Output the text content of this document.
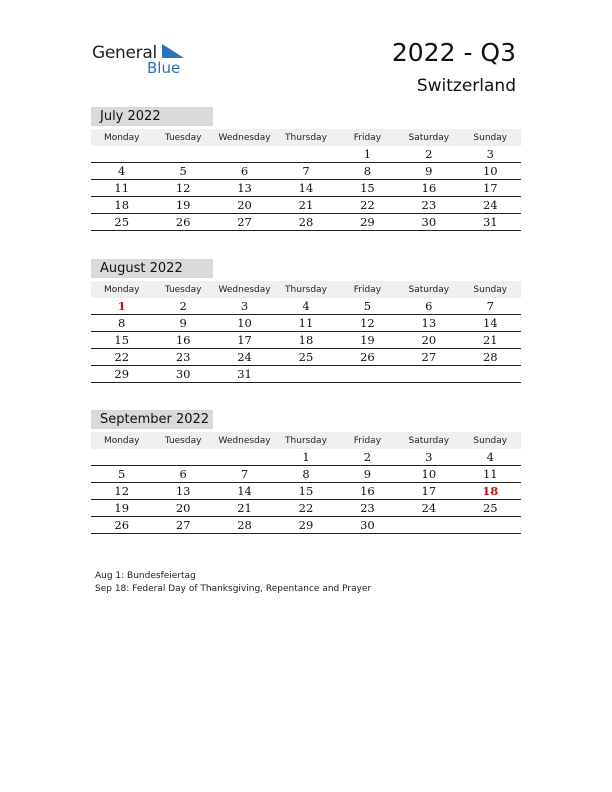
General
Blue
2022 - Q3
Switzerland
July 2022
Monday	Tuesday	Wednesday	Thursday	Friday	Saturday	Sunday
				1	2	3
4	5	6	7	8	9	10
11	12	13	14	15	16	17
18	19	20	21	22	23	24
25	26	27	28	29	30	31
August 2022
Monday	Tuesday	Wednesday	Thursday	Friday	Saturday	Sunday
1	2	3	4	5	6	7
8	9	10	11	12	13	14
15	16	17	18	19	20	21
22	23	24	25	26	27	28
29	30	31				
September 2022
Monday	Tuesday	Wednesday	Thursday	Friday	Saturday	Sunday
			1	2	3	4
5	6	7	8	9	10	11
12	13	14	15	16	17	18
19	20	21	22	23	24	25
26	27	28	29	30		
Aug 1: Bundesfeiertag
Sep 18: Federal Day of Thanksgiving, Repentance and Prayer
